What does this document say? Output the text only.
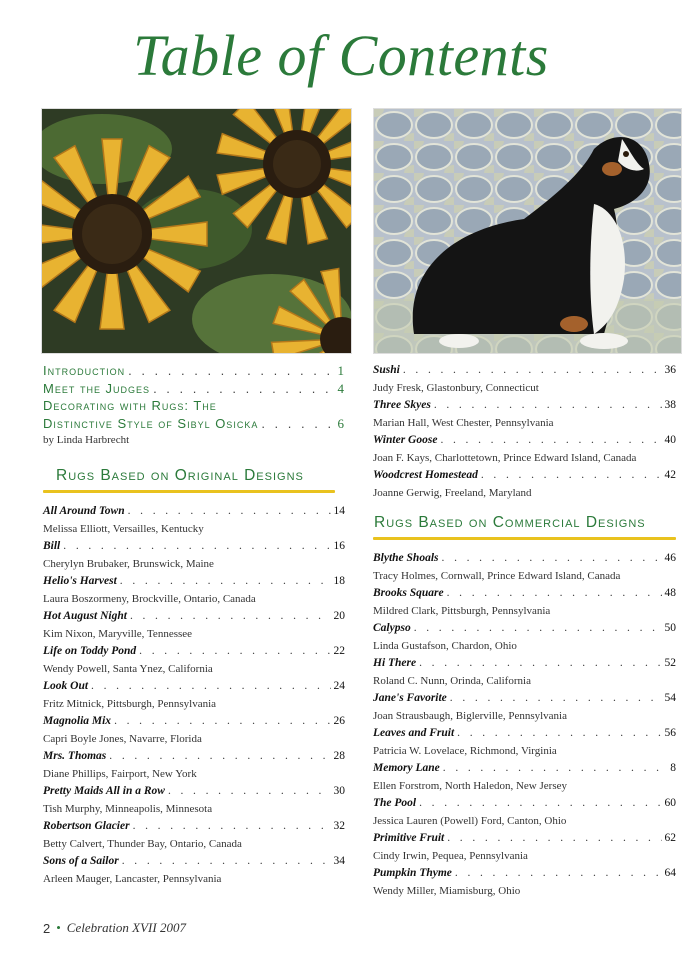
Table of Contents
Introduction . . .	1
Meet the Judges . . .	4
Decorating with Rugs: The
Distinctive Style of Sibyl Osicka . . .	6
by Linda Harbrecht
Rugs Based on Original Designs
All Around Town . . .	14
Melissa Elliott, Versailles, Kentucky
Bill . . .	16
Cherylyn Brubaker, Brunswick, Maine
Helio's Harvest . . .	18
Laura Boszormeny, Brockville, Ontario, Canada
Hot August Night . . .	20
Kim Nixon, Maryville, Tennessee
Life on Toddy Pond . . .	22
Wendy Powell, Santa Ynez, California
Look Out . . .	24
Fritz Mitnick, Pittsburgh, Pennsylvania
Magnolia Mix . . .	26
Capri Boyle Jones, Navarre, Florida
Mrs. Thomas . . .	28
Diane Phillips, Fairport, New York
Pretty Maids All in a Row . . .	30
Tish Murphy, Minneapolis, Minnesota
Robertson Glacier . . .	32
Betty Calvert, Thunder Bay, Ontario, Canada
Sons of a Sailor . . .	34
Arleen Mauger, Lancaster, Pennsylvania
Sushi . . .	36
Judy Fresk, Glastonbury, Connecticut
Three Skyes . . .	38
Marian Hall, West Chester, Pennsylvania
Winter Goose . . .	40
Joan F. Kays, Charlottetown, Prince Edward Island, Canada
Woodcrest Homestead . . .	42
Joanne Gerwig, Freeland, Maryland
Rugs Based on Commercial Designs
Blythe Shoals . . .	46
Tracy Holmes, Cornwall, Prince Edward Island, Canada
Brooks Square . . .	48
Mildred Clark, Pittsburgh, Pennsylvania
Calypso . . .	50
Linda Gustafson, Chardon, Ohio
Hi There . . .	52
Roland C. Nunn, Orinda, California
Jane's Favorite . . .	54
Joan Strausbaugh, Biglerville, Pennsylvania
Leaves and Fruit . . .	56
Patricia W. Lovelace, Richmond, Virginia
Memory Lane . . .	8
Ellen Forstrom, North Haledon, New Jersey
The Pool . . .	60
Jessica Lauren (Powell) Ford, Canton, Ohio
Primitive Fruit . . .	62
Cindy Irwin, Pequea, Pennsylvania
Pumpkin Thyme . . .	64
Wendy Miller, Miamisburg, Ohio
2 • Celebration XVII 2007
